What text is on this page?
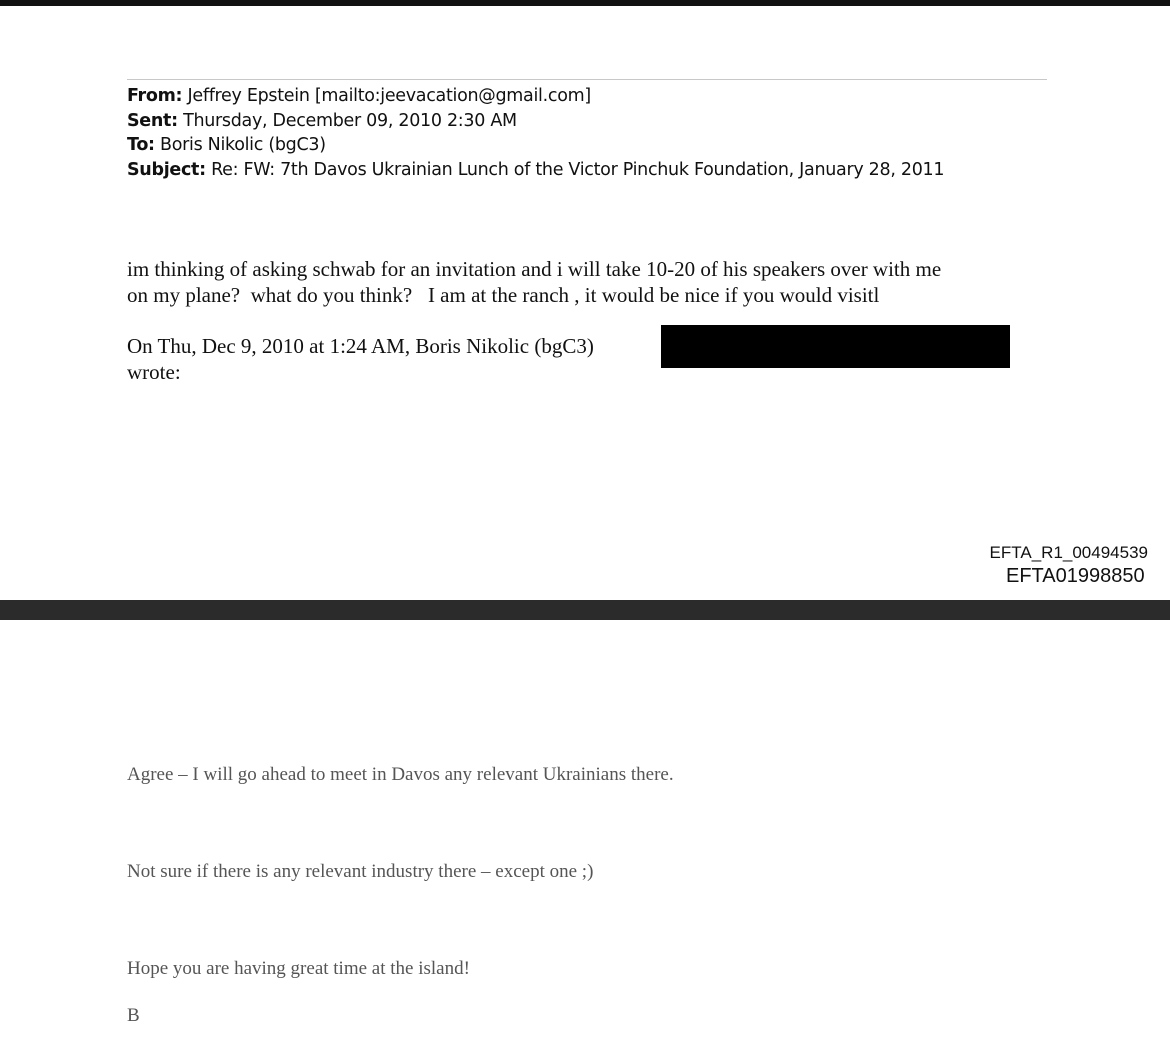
From: Jeffrey Epstein [mailto:jeevacation@gmail.com]
Sent: Thursday, December 09, 2010 2:30 AM
To: Boris Nikolic (bgC3)
Subject: Re: FW: 7th Davos Ukrainian Lunch of the Victor Pinchuk Foundation, January 28, 2011
im thinking of asking schwab for an invitation and i will take 10-20 of his speakers over with me
on my plane?  what do you think?   I am at the ranch , it would be nice if you would visitl
On Thu, Dec 9, 2010 at 1:24 AM, Boris Nikolic (bgC3)
wrote:
EFTA_R1_00494539
EFTA01998850
Agree – I will go ahead to meet in Davos any relevant Ukrainians there.
Not sure if there is any relevant industry there – except one ;)
Hope you are having great time at the island!
B
